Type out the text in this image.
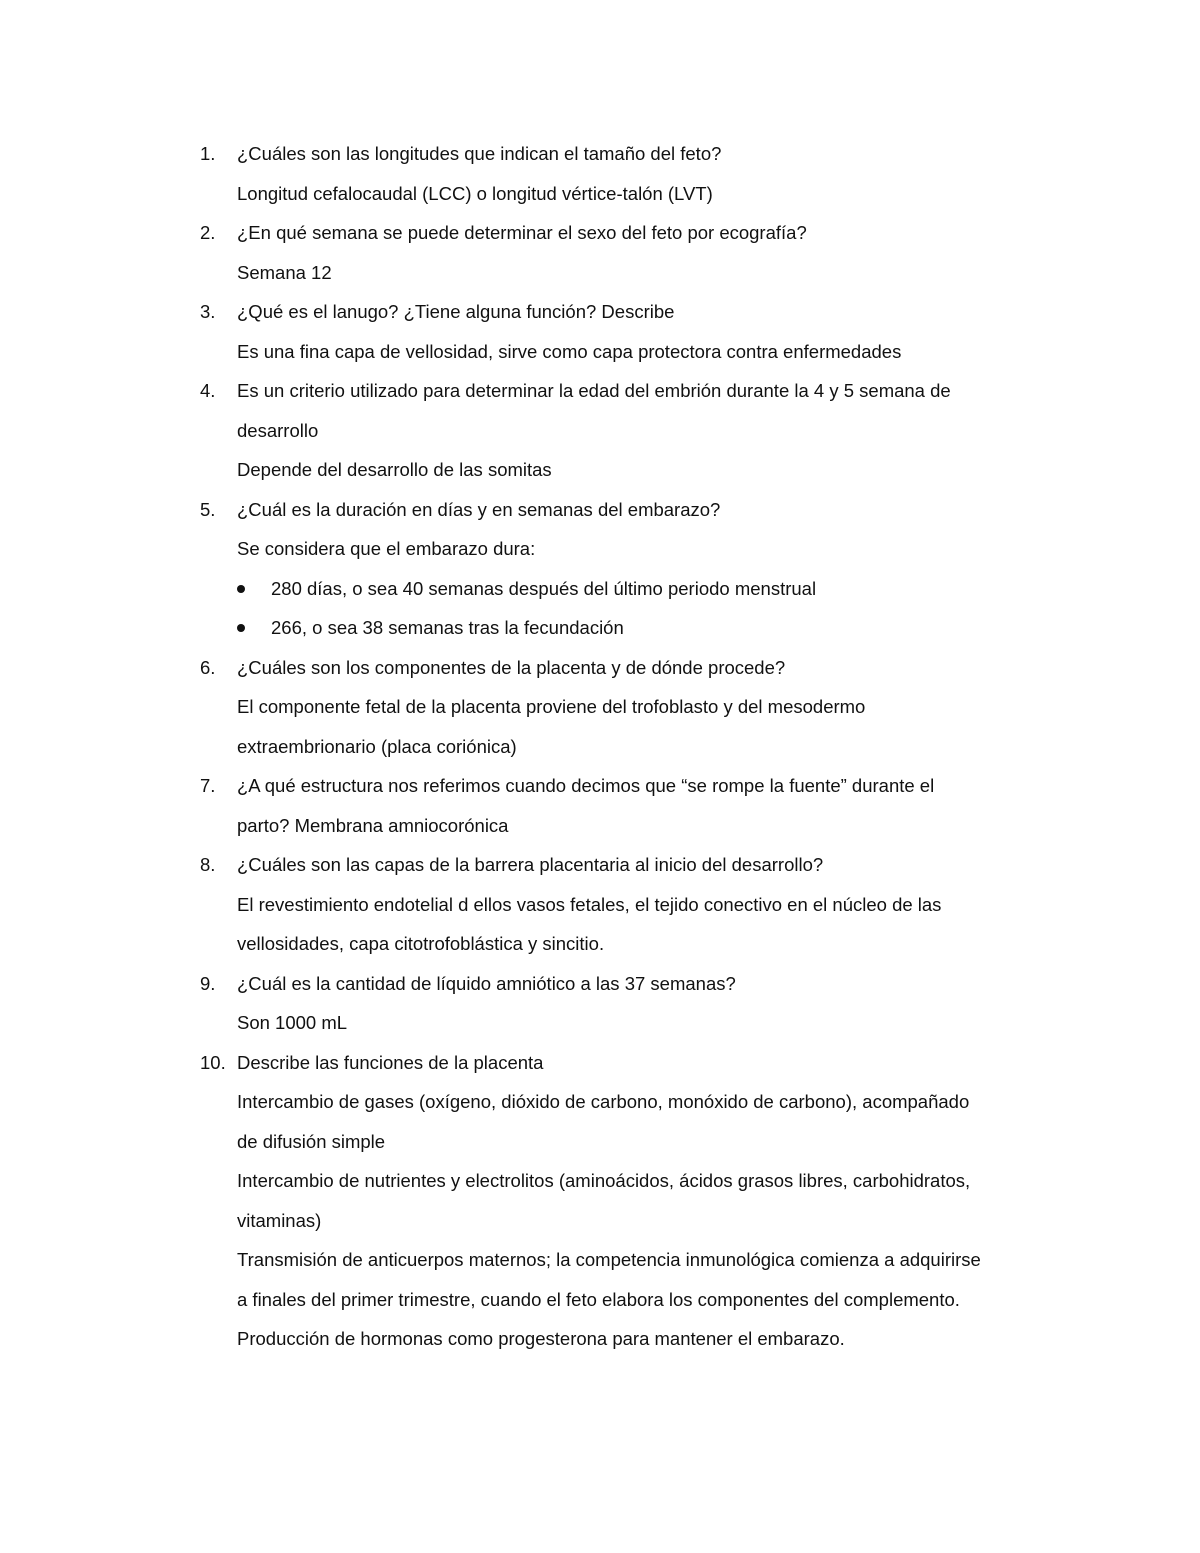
1.	¿Cuáles son las longitudes que indican el tamaño del feto?
Longitud cefalocaudal (LCC) o longitud vértice-talón (LVT)
2.	¿En qué semana se puede determinar el sexo del feto por ecografía?
Semana 12
3.	¿Qué es el lanugo? ¿Tiene alguna función? Describe
Es una fina capa de vellosidad, sirve como capa protectora contra enfermedades
4.	Es un criterio utilizado para determinar la edad del embrión durante la 4 y 5 semana de
desarrollo
Depende del desarrollo de las somitas
5.	¿Cuál es la duración en días y en semanas del embarazo?
Se considera que el embarazo dura:
280 días, o sea 40 semanas después del último periodo menstrual
266, o sea 38 semanas tras la fecundación
6.	¿Cuáles son los componentes de la placenta y de dónde procede?
El componente fetal de la placenta proviene del trofoblasto y del mesodermo
extraembrionario (placa coriónica)
7.	¿A qué estructura nos referimos cuando decimos que “se rompe la fuente” durante el
parto? Membrana amniocorónica
8.	¿Cuáles son las capas de la barrera placentaria al inicio del desarrollo?
El revestimiento endotelial d ellos vasos fetales, el tejido conectivo en el núcleo de las
vellosidades, capa citotrofoblástica y sincitio.
9.	¿Cuál es la cantidad de líquido amniótico a las 37 semanas?
Son 1000 mL
10. Describe las funciones de la placenta
Intercambio de gases (oxígeno, dióxido de carbono, monóxido de carbono), acompañado
de difusión simple
Intercambio de nutrientes y electrolitos (aminoácidos, ácidos grasos libres, carbohidratos,
vitaminas)
Transmisión de anticuerpos maternos; la competencia inmunológica comienza a adquirirse
a finales del primer trimestre, cuando el feto elabora los componentes del complemento.
Producción de hormonas como progesterona para mantener el embarazo.
